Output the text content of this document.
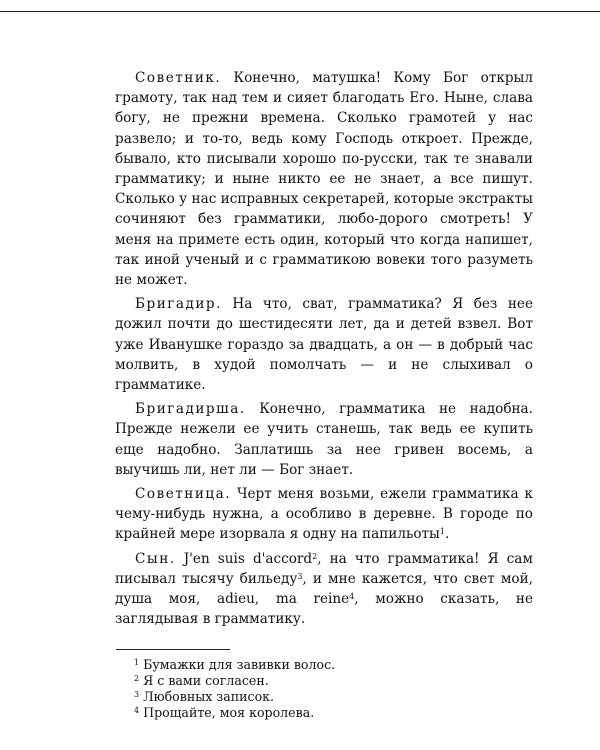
Советник. Конечно, матушка! Кому Бог открыл грамоту, так над тем и сияет благодать Его. Ныне, слава богу, не прежни времена. Сколько грамотей у нас развело; и то-то, ведь кому Господь откроет. Прежде, бывало, кто писывали хорошо по-русски, так те знавали грамматику; и ныне никто ее не знает, а все пишут. Сколько у нас исправных секретарей, которые экстракты сочиняют без грамматики, любо-дорого смотреть! У меня на примете есть один, который что когда напишет, так иной ученый и с грамматикою вовеки того разуметь не может.

Бригадир. На что, сват, грамматика? Я без нее дожил почти до шестидесяти лет, да и детей взвел. Вот уже Иванушке гораздо за двадцать, а он — в добрый час молвить, в худой помолчать — и не слыхивал о грамматике.

Бригадирша. Конечно, грамматика не надобна. Прежде нежели ее учить станешь, так ведь ее купить еще надобно. Заплатишь за нее гривен восемь, а выучишь ли, нет ли — Бог знает.

Советница. Черт меня возьми, ежели грамматика к чему-нибудь нужна, а особливо в деревне. В городе по крайней мере изорвала я одну на папильоты$^1$.

Сын. J'en suis d'accord$^2$, на что грамматика! Я сам писывал тысячу бильеду$^3$, и мне кажется, что свет мой, душа моя, adieu, ma reine$^4$, можно сказать, не заглядывая в грамматику.

$^1$ Бумажки для завивки волос.

$^2$ Я с вами согласен.

$^3$ Любовных записок.

$^4$ Прощайте, моя королева.
